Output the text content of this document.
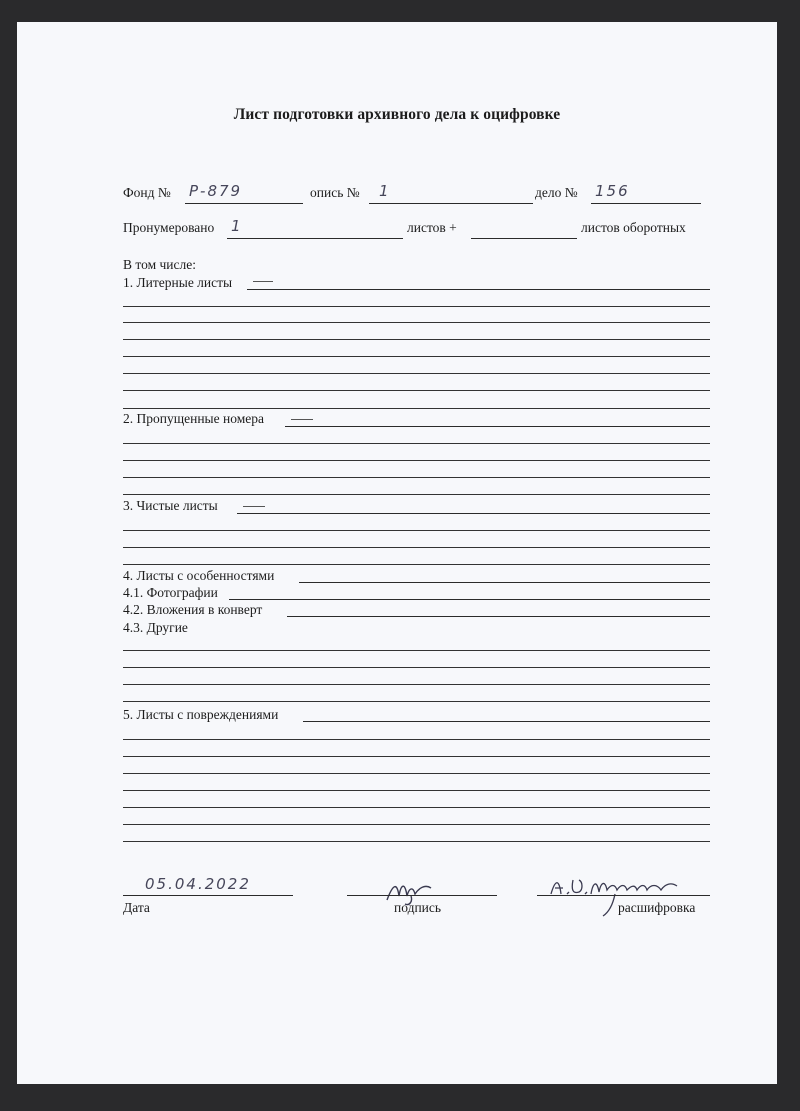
Лист подготовки архивного дела к оцифровке
Фонд № Р-879	опись № 1	дело № 156
Пронумеровано 1	листов +	листов оборотных
В том числе:
1. Литерные листы
2. Пропущенные номера
3. Чистые листы
4. Листы с особенностями
4.1. Фотографии
4.2. Вложения в конверт
4.3. Другие
5. Листы с повреждениями
05.04.2022
Дата	подпись	расшифровка
